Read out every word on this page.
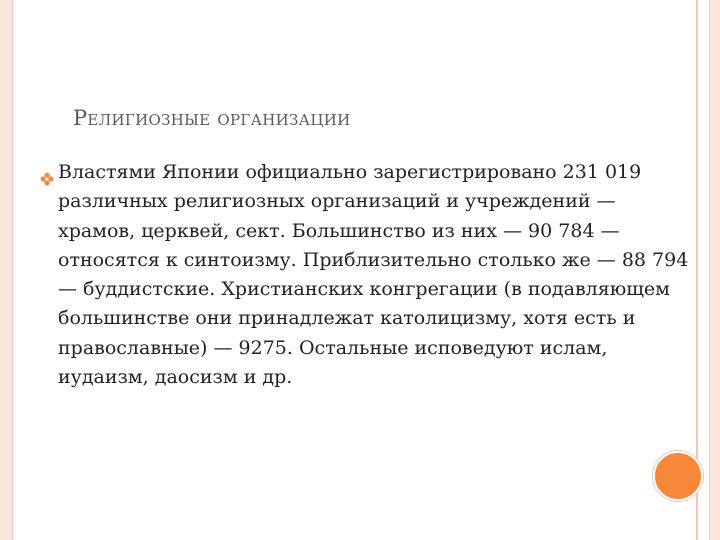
Религиозные организации

Властями Японии официально зарегистрировано 231 019 различных религиозных организаций и учреждений — храмов, церквей, сект. Большинство из них — 90 784 — относятся к синтоизму. Приблизительно столько же — 88 794 — буддистские. Христианских конгрегации (в подавляющем большинстве они принадлежат католицизму, хотя есть и православные) — 9275. Остальные исповедуют ислам, иудаизм, даосизм и др.
